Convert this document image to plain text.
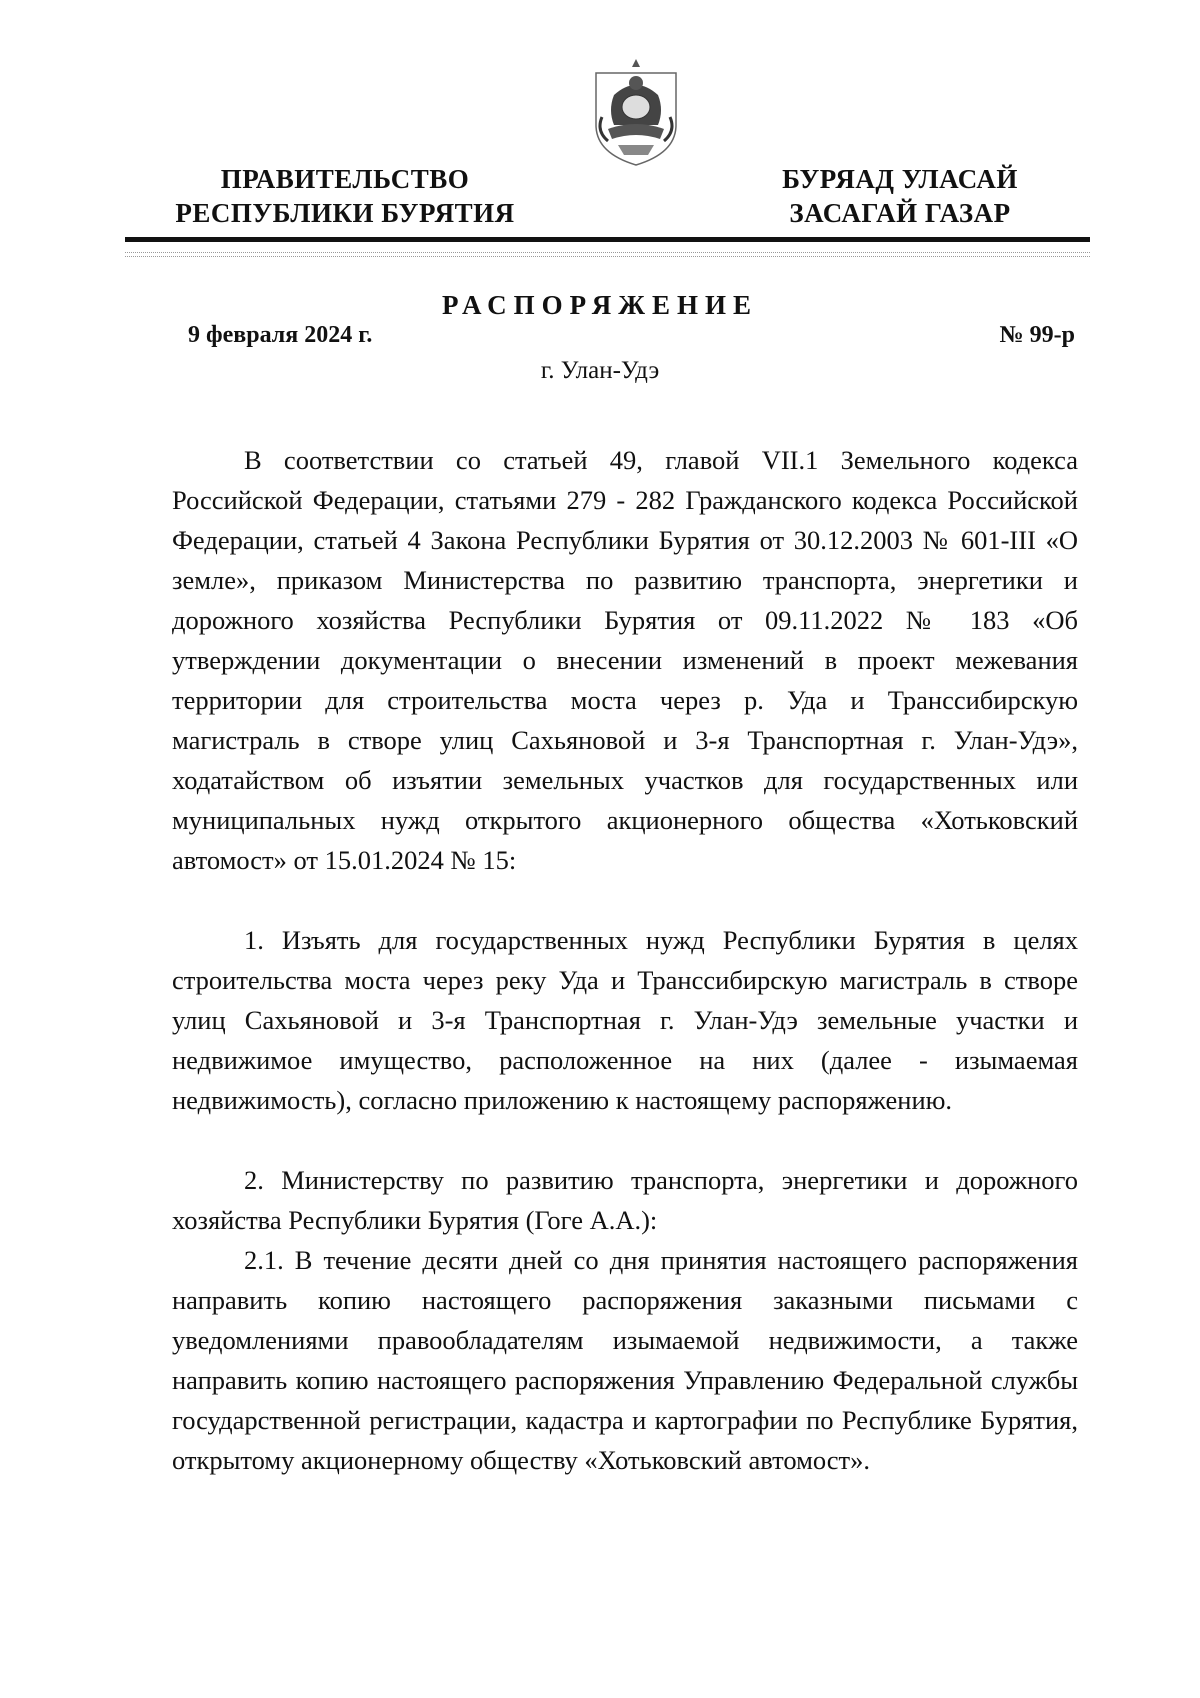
ПРАВИТЕЛЬСТВО
РЕСПУБЛИКИ БУРЯТИЯ
БУРЯАД УЛАСАЙ
ЗАСАГАЙ ГАЗАР
РАСПОРЯЖЕНИЕ
9 февраля 2024 г.	№ 99-р
г. Улан-Удэ

В соответствии со статьей 49, главой VII.1 Земельного кодекса Российской Федерации, статьями 279 - 282 Гражданского кодекса Российской Федерации, статьей 4 Закона Республики Бурятия от 30.12.2003 № 601-III «О земле», приказом Министерства по развитию транспорта, энергетики и дорожного хозяйства Республики Бурятия от 09.11.2022 № 183 «Об утверждении документации о внесении изменений в проект межевания территории для строительства моста через р. Уда и Транссибирскую магистраль в створе улиц Сахьяновой и 3-я Транспортная г. Улан-Удэ», ходатайством об изъятии земельных участков для государственных или муниципальных нужд открытого акционерного общества «Хотьковский автомост» от 15.01.2024 № 15:

1. Изъять для государственных нужд Республики Бурятия в целях строительства моста через реку Уда и Транссибирскую магистраль в створе улиц Сахьяновой и 3-я Транспортная г. Улан-Удэ земельные участки и недвижимое имущество, расположенное на них (далее - изымаемая недвижимость), согласно приложению к настоящему распоряжению.

2. Министерству по развитию транспорта, энергетики и дорожного хозяйства Республики Бурятия (Гоге А.А.):

2.1. В течение десяти дней со дня принятия настоящего распоряжения направить копию настоящего распоряжения заказными письмами с уведомлениями правообладателям изымаемой недвижимости, а также направить копию настоящего распоряжения Управлению Федеральной службы государственной регистрации, кадастра и картографии по Республике Бурятия, открытому акционерному обществу «Хотьковский автомост».
